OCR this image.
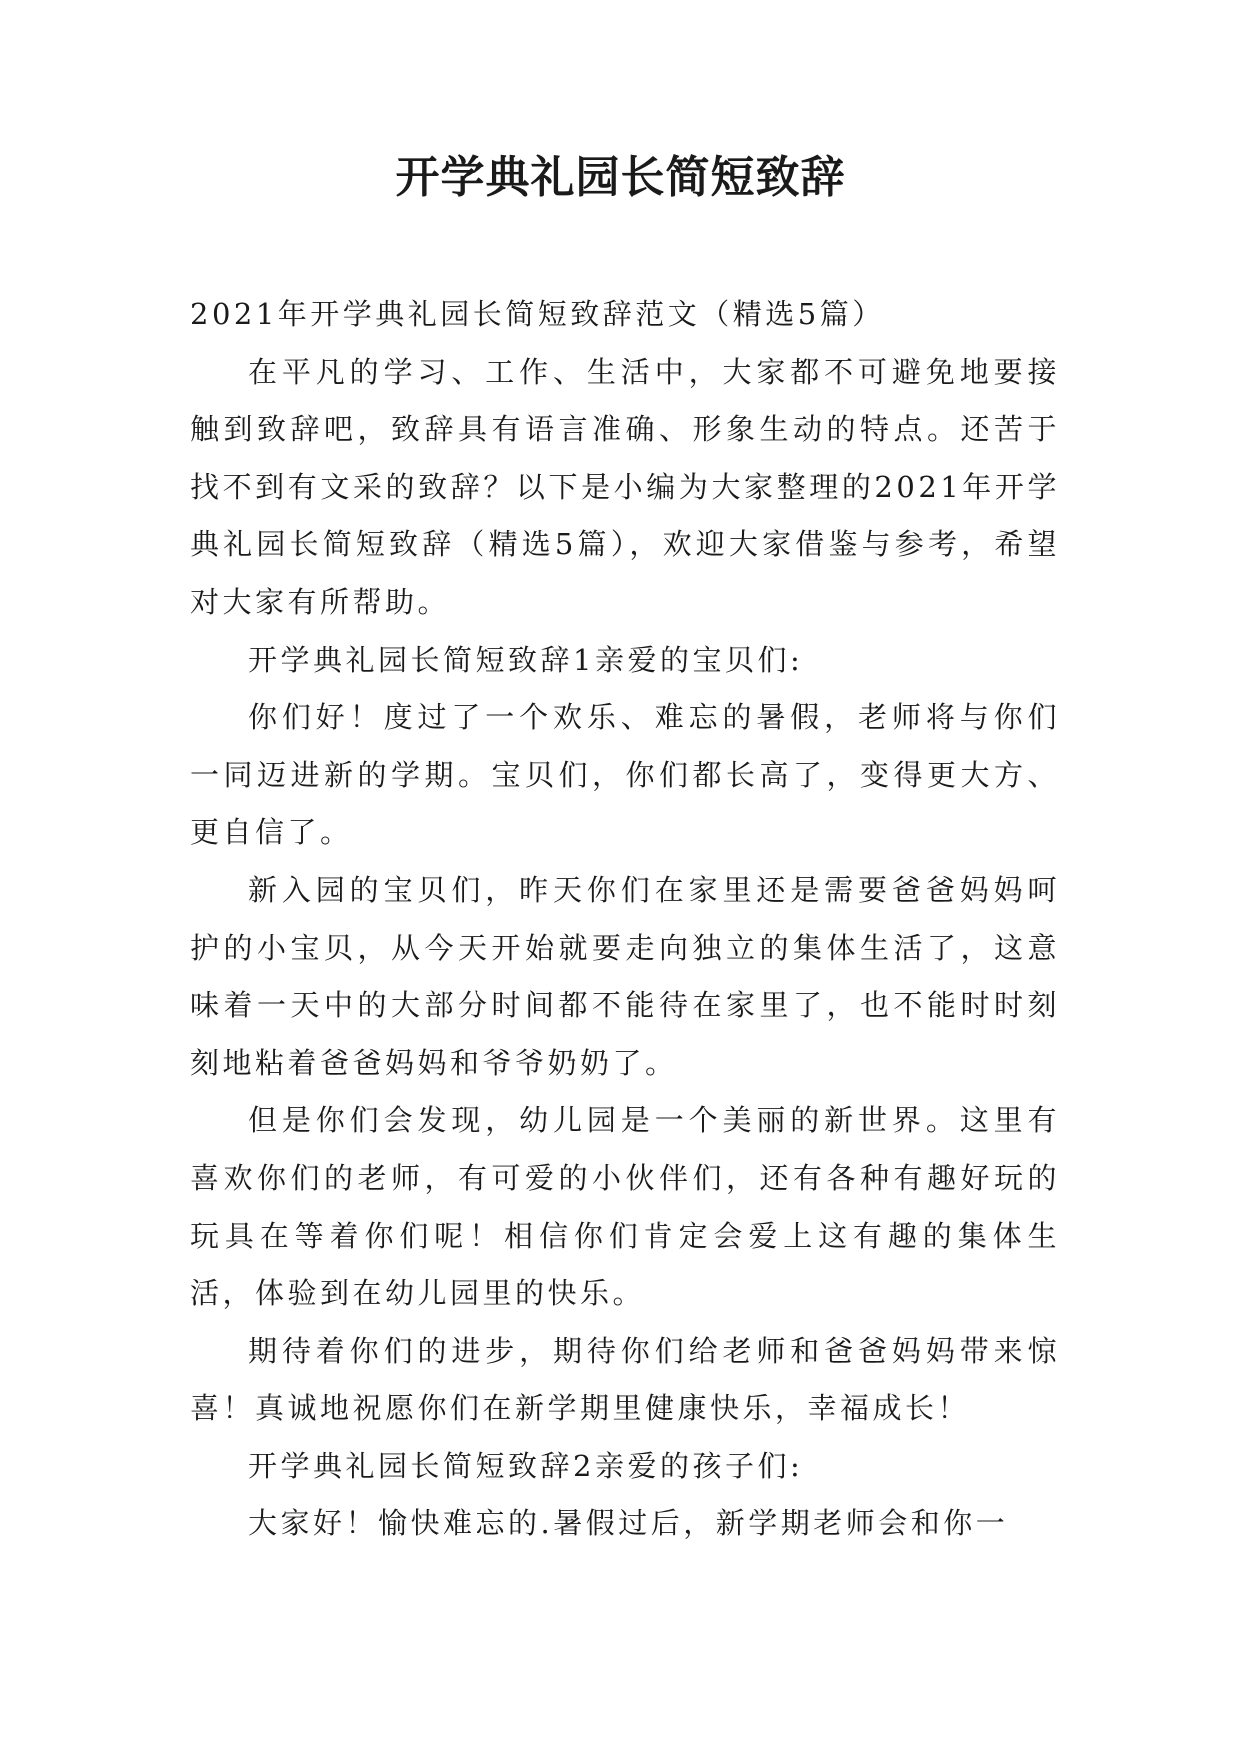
开学典礼园长简短致辞

2021年开学典礼园长简短致辞范文（精选5篇）

在平凡的学习、工作、生活中，大家都不可避免地要接触到致辞吧，致辞具有语言准确、形象生动的特点。还苦于找不到有文采的致辞？以下是小编为大家整理的2021年开学典礼园长简短致辞（精选5篇），欢迎大家借鉴与参考，希望对大家有所帮助。

开学典礼园长简短致辞1亲爱的宝贝们:

你们好！度过了一个欢乐、难忘的暑假，老师将与你们一同迈进新的学期。宝贝们，你们都长高了，变得更大方、更自信了。

新入园的宝贝们，昨天你们在家里还是需要爸爸妈妈呵护的小宝贝，从今天开始就要走向独立的集体生活了，这意味着一天中的大部分时间都不能待在家里了，也不能时时刻刻地粘着爸爸妈妈和爷爷奶奶了。

但是你们会发现，幼儿园是一个美丽的新世界。这里有喜欢你们的老师，有可爱的小伙伴们，还有各种有趣好玩的玩具在等着你们呢！相信你们肯定会爱上这有趣的集体生活，体验到在幼儿园里的快乐。

期待着你们的进步，期待你们给老师和爸爸妈妈带来惊喜！真诚地祝愿你们在新学期里健康快乐，幸福成长！

开学典礼园长简短致辞2亲爱的孩子们:

大家好！愉快难忘的.暑假过后，新学期老师会和你一
